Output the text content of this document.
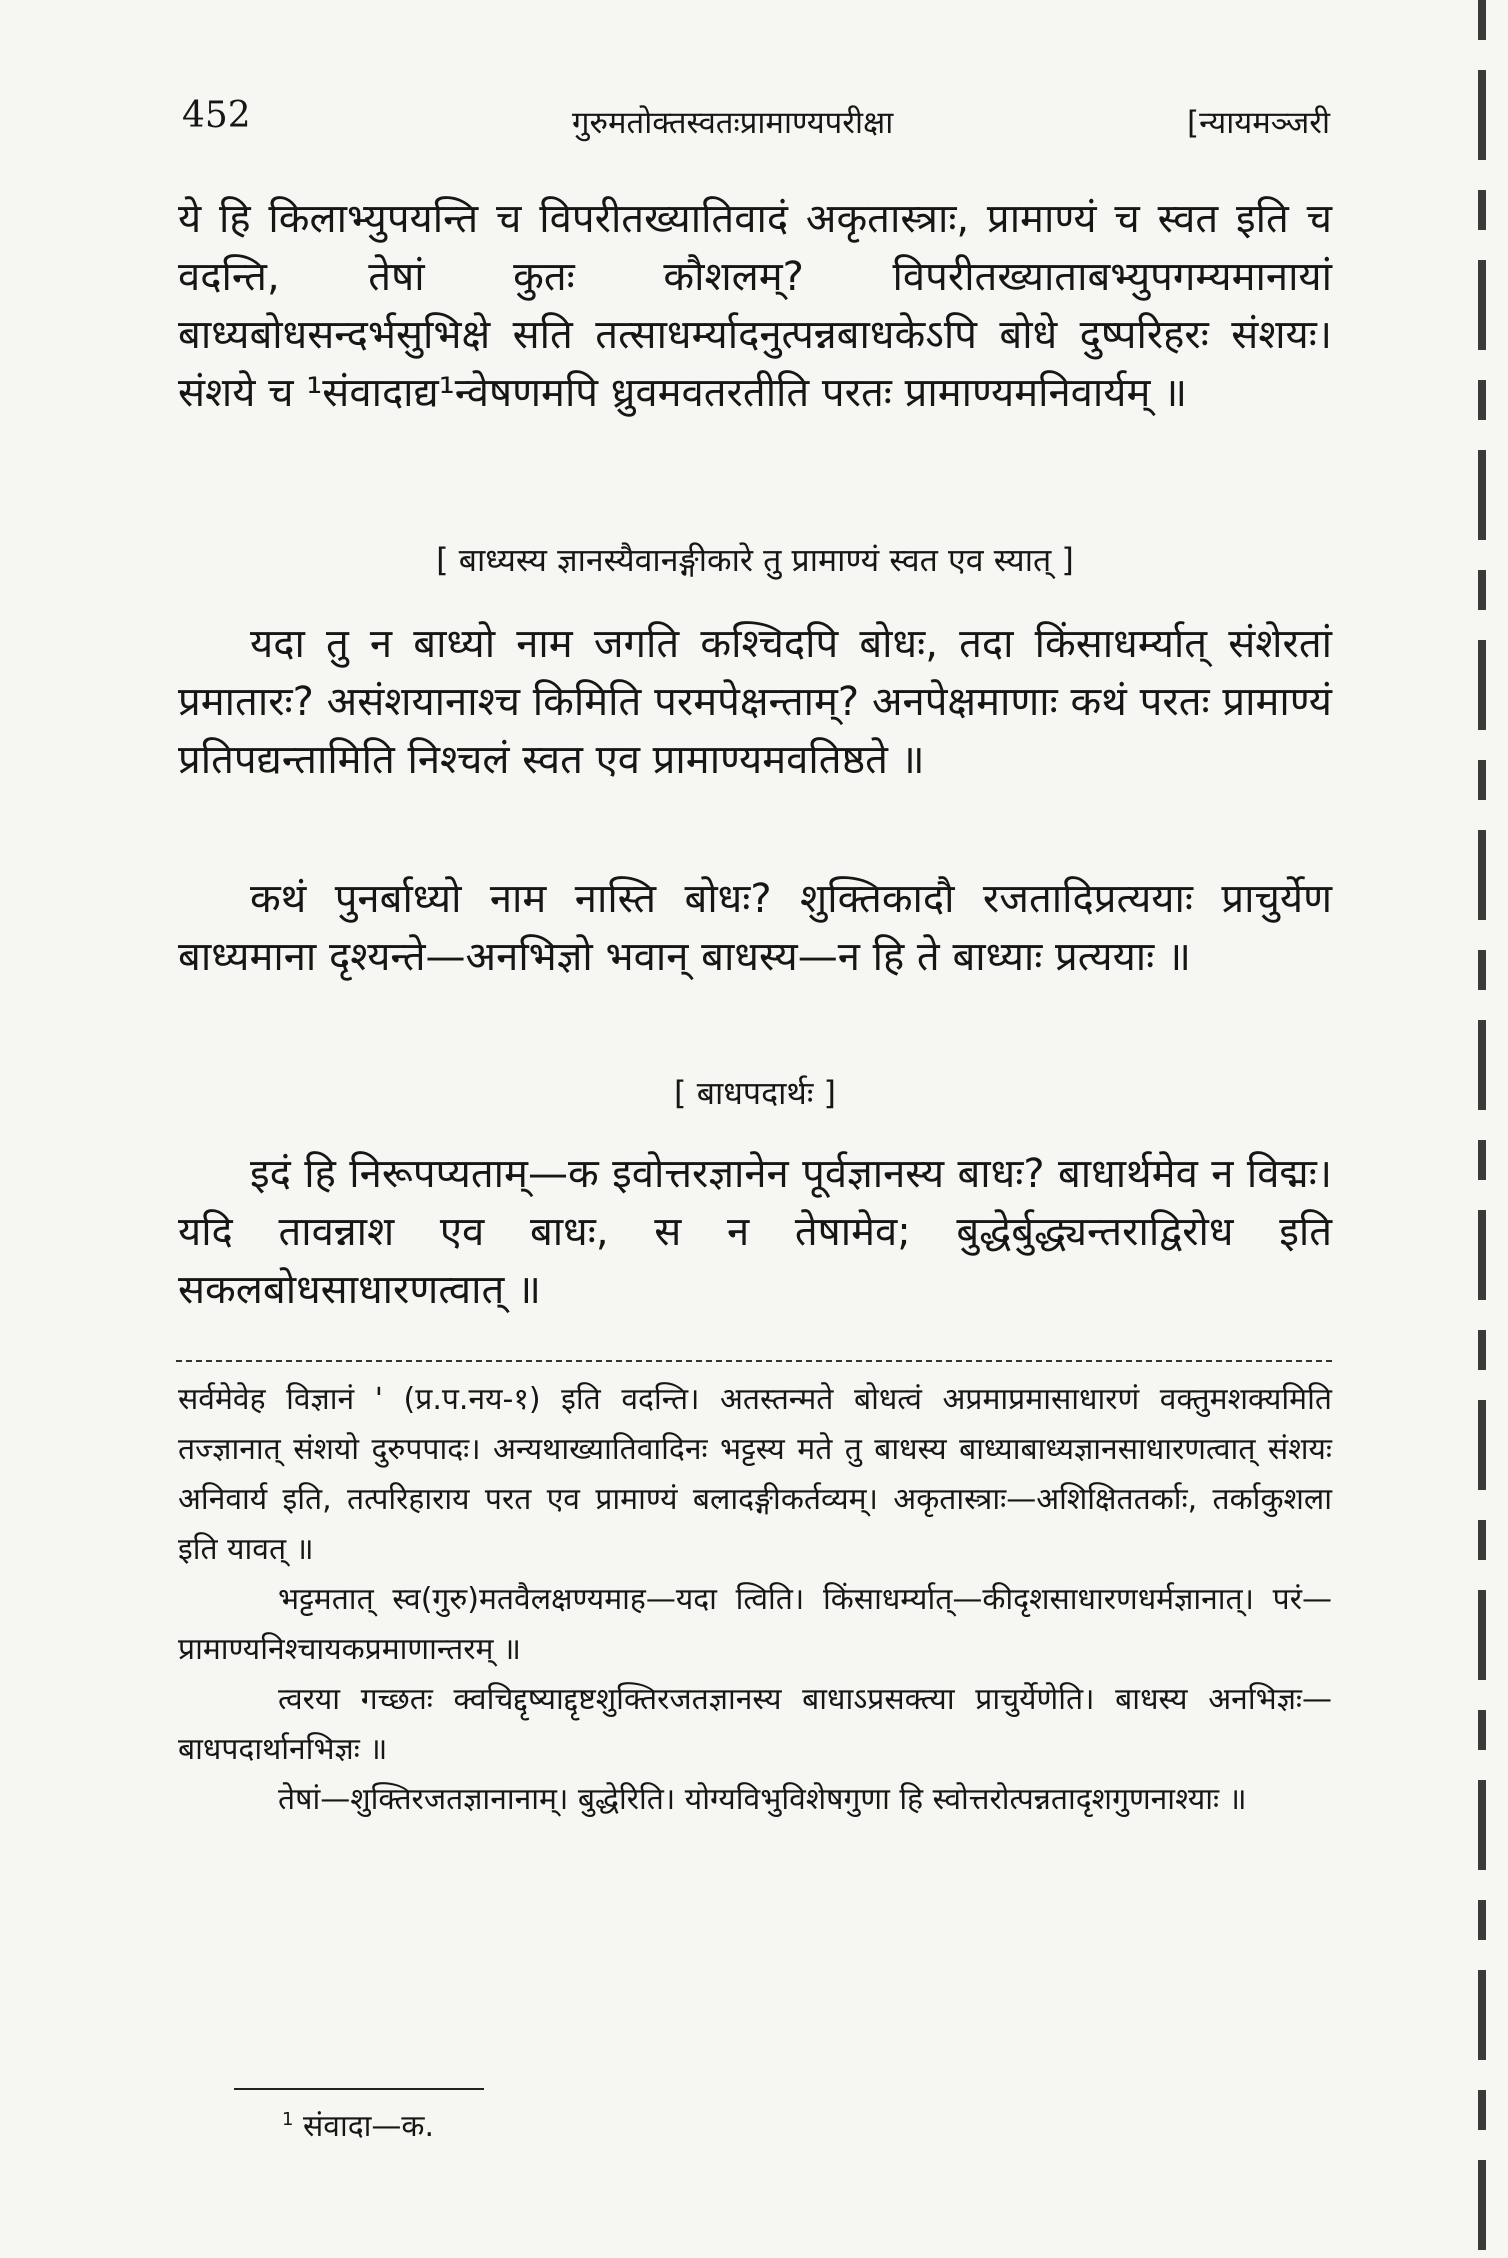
452	गुरुमतोक्तस्वतःप्रामाण्यपरीक्षा	[न्यायमञ्जरी
ये हि किलाभ्युपयन्ति च विपरीतख्यातिवादं अकृतास्त्राः, प्रामाण्यं च स्वत इति च वदन्ति, तेषां कुतः कौशलम्? विपरीतख्याताबभ्युपगम्यमानायां बाध्यबोधसन्दर्भसुभिक्षे सति तत्साधर्म्यादनुत्पन्नबाधकेऽपि बोधे दुष्परिहरः संशयः। संशये च ¹संवादाद्य¹न्वेषणमपि ध्रुवमवतरतीति परतः प्रामाण्यमनिवार्यम् ॥
[ बाध्यस्य ज्ञानस्यैवानङ्गीकारे तु प्रामाण्यं स्वत एव स्यात् ]
यदा तु न बाध्यो नाम जगति कश्चिदपि बोधः, तदा किंसाधर्म्यात् संशेरतां प्रमातारः? असंशयानाश्च किमिति परमपेक्षन्ताम्? अनपेक्षमाणाः कथं परतः प्रामाण्यं प्रतिपद्यन्तामिति निश्चलं स्वत एव प्रामाण्यमवतिष्ठते ॥
कथं पुनर्बाध्यो नाम नास्ति बोधः? शुक्तिकादौ रजतादिप्रत्ययाः प्राचुर्येण बाध्यमाना दृश्यन्ते—अनभिज्ञो भवान् बाधस्य—न हि ते बाध्याः प्रत्ययाः ॥
[ बाधपदार्थः ]
इदं हि निरूपप्यताम्—क इवोत्तरज्ञानेन पूर्वज्ञानस्य बाधः? बाधार्थमेव न विद्मः। यदि तावन्नाश एव बाधः, स न तेषामेव; बुद्धेर्बुद्ध्यन्तराद्विरोध इति सकलबोधसाधारणत्वात् ॥

सर्वमेवेह विज्ञानं ' (प्र.प.नय-१) इति वदन्ति। अतस्तन्मते बोधत्वं अप्रमाप्रमासाधारणं वक्तुमशक्यमिति तज्ज्ञानात् संशयो दुरुपपादः। अन्यथाख्यातिवादिनः भट्टस्य मते तु बाधस्य बाध्याबाध्यज्ञानसाधारणत्वात् संशयः अनिवार्य इति, तत्परिहाराय परत एव प्रामाण्यं बलादङ्गीकर्तव्यम्। अकृतास्त्राः—अशिक्षिततर्काः, तर्काकुशला इति यावत् ॥

भट्टमतात् स्व(गुरु)मतवैलक्षण्यमाह—यदा त्विति। किंसाधर्म्यात्—कीदृशसाधारणधर्मज्ञानात्। परं—प्रामाण्यनिश्चायकप्रमाणान्तरम् ॥

त्वरया गच्छतः क्वचिद्दृष्याद्दृष्टशुक्तिरजतज्ञानस्य बाधाऽप्रसक्त्या प्राचुर्येणेति। बाधस्य अनभिज्ञः—बाधपदार्थानभिज्ञः ॥

तेषां—शुक्तिरजतज्ञानानाम्। बुद्धेरिति। योग्यविभुविशेषगुणा हि स्वोत्तरोत्पन्नतादृशगुणनाश्याः ॥

$^1$ संवादा—क.
